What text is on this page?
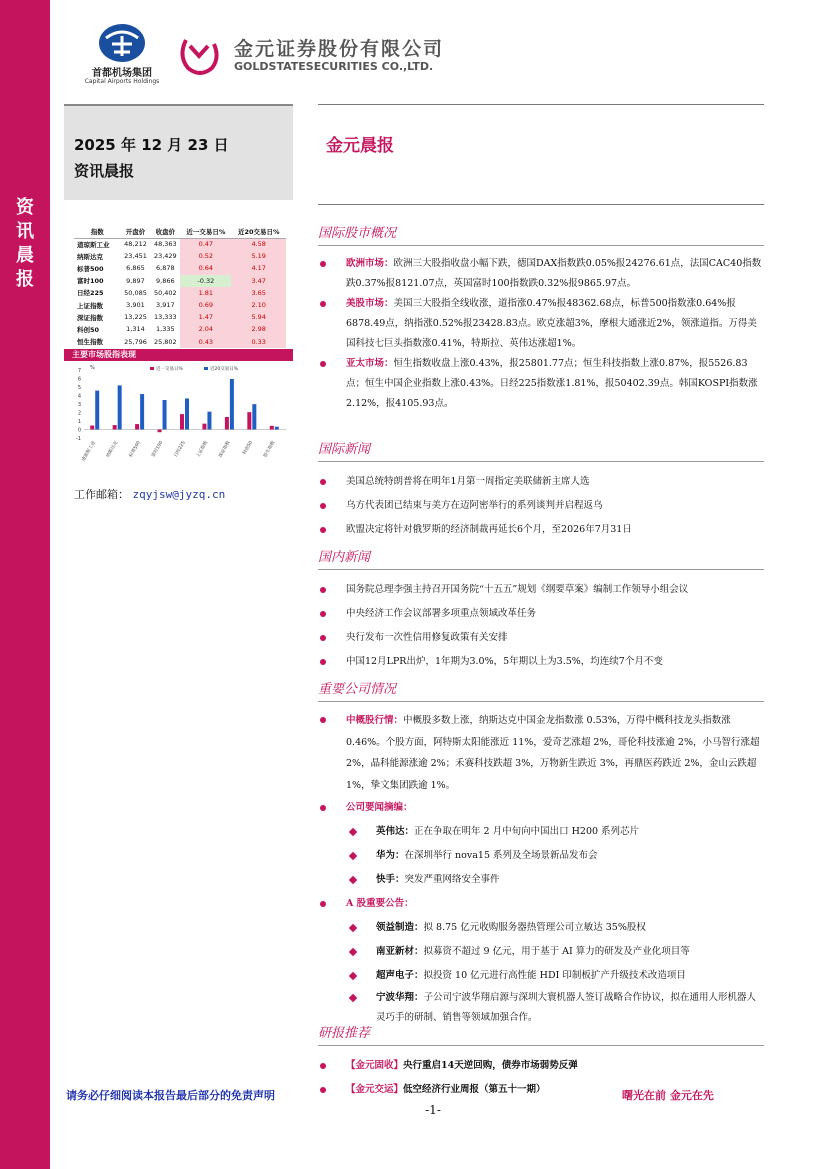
资
讯
晨
报
首都机场集团
Capital Airports Holdings
金元证券股份有限公司
GOLDSTATESECURITIES CO.,LTD.
2025 年 12 月 23 日
资讯晨报
金元晨报
指数	开盘价	收盘价	近一交易日%	近20交易日%
道琼斯工业	48,212	48,363	0.47	4.58
纳斯达克	23,451	23,429	0.52	5.19
标普500	6,865	6,878	0.64	4.17
富时100	9,897	9,866	-0.32	3.47
日经225	50,085	50,402	1.81	3.65
上证指数	3,901	3,917	0.69	2.10
深证指数	13,225	13,333	1.47	5.94
科创50	1,314	1,335	2.04	2.98
恒生指数	25,796	25,802	0.43	0.33
主要市场股指表现
-1
0
1
2
3
4
5
6
7 %	近一交易日%	近20交易日%
道琼斯工业	纳斯达克	标普500	富时100	日经225	上证指数	深证指数	科创50	恒生指数
工作邮箱： zqyjsw@jyzq.cn
国际股市概况
欧洲市场：欧洲三大股指收盘小幅下跌，德国DAX指数跌0.05%报24276.61点，法国CAC40指数跌0.37%报8121.07点，英国富时100指数跌0.32%报9865.97点。
美股市场：美国三大股指全线收涨，道指涨0.47%报48362.68点，标普500指数涨0.64%报6878.49点，纳指涨0.52%报23428.83点。欧克涨超3%，摩根大通涨近2%，领涨道指。万得美国科技七巨头指数涨0.41%，特斯拉、英伟达涨超1%。
亚太市场：恒生指数收盘上涨0.43%，报25801.77点；恒生科技指数上涨0.87%，报5526.83点；恒生中国企业指数上涨0.43%。日经225指数涨1.81%，报50402.39点。韩国KOSPI指数涨2.12%，报4105.93点。
国际新闻
美国总统特朗普将在明年1月第一周指定美联储新主席人选
乌方代表团已结束与美方在迈阿密举行的系列谈判并启程返乌
欧盟决定将针对俄罗斯的经济制裁再延长6个月，至2026年7月31日
国内新闻
国务院总理李强主持召开国务院“十五五”规划《纲要草案》编制工作领导小组会议
中央经济工作会议部署多项重点领域改革任务
央行发布一次性信用修复政策有关安排
中国12月LPR出炉，1年期为3.0%，5年期以上为3.5%，均连续7个月不变
重要公司情况
中概股行情：中概股多数上涨，纳斯达克中国金龙指数涨 0.53%，万得中概科技龙头指数涨 0.46%。个股方面，阿特斯太阳能涨近 11%，爱奇艺涨超 2%，哥伦科技涨逾 2%，小马智行涨超 2%，晶科能源涨逾 2%；禾赛科技跌超 3%，万物新生跌近 3%，再鼎医药跌近 2%，金山云跌超 1%，挚文集团跌逾 1%。
公司要闻摘编：
英伟达：正在争取在明年 2 月中旬向中国出口 H200 系列芯片
华为：在深圳举行 nova15 系列及全场景新品发布会
快手：突发严重网络安全事件
A 股重要公告：
领益制造：拟 8.75 亿元收购服务器热管理公司立敏达 35%股权
南亚新材：拟募资不超过 9 亿元，用于基于 AI 算力的研发及产业化项目等
超声电子：拟投资 10 亿元进行高性能 HDI 印制板扩产升级技术改造项目
宁波华翔：子公司宁波华翔启源与深圳大寰机器人签订战略合作协议，拟在通用人形机器人灵巧手的研制、销售等领域加强合作。
研报推荐
【金元固收】央行重启14天逆回购，债券市场弱势反弹
【金元交运】低空经济行业周报（第五十一期）
请务必仔细阅读本报告最后部分的免责声明	曙光在前 金元在先
-1-
